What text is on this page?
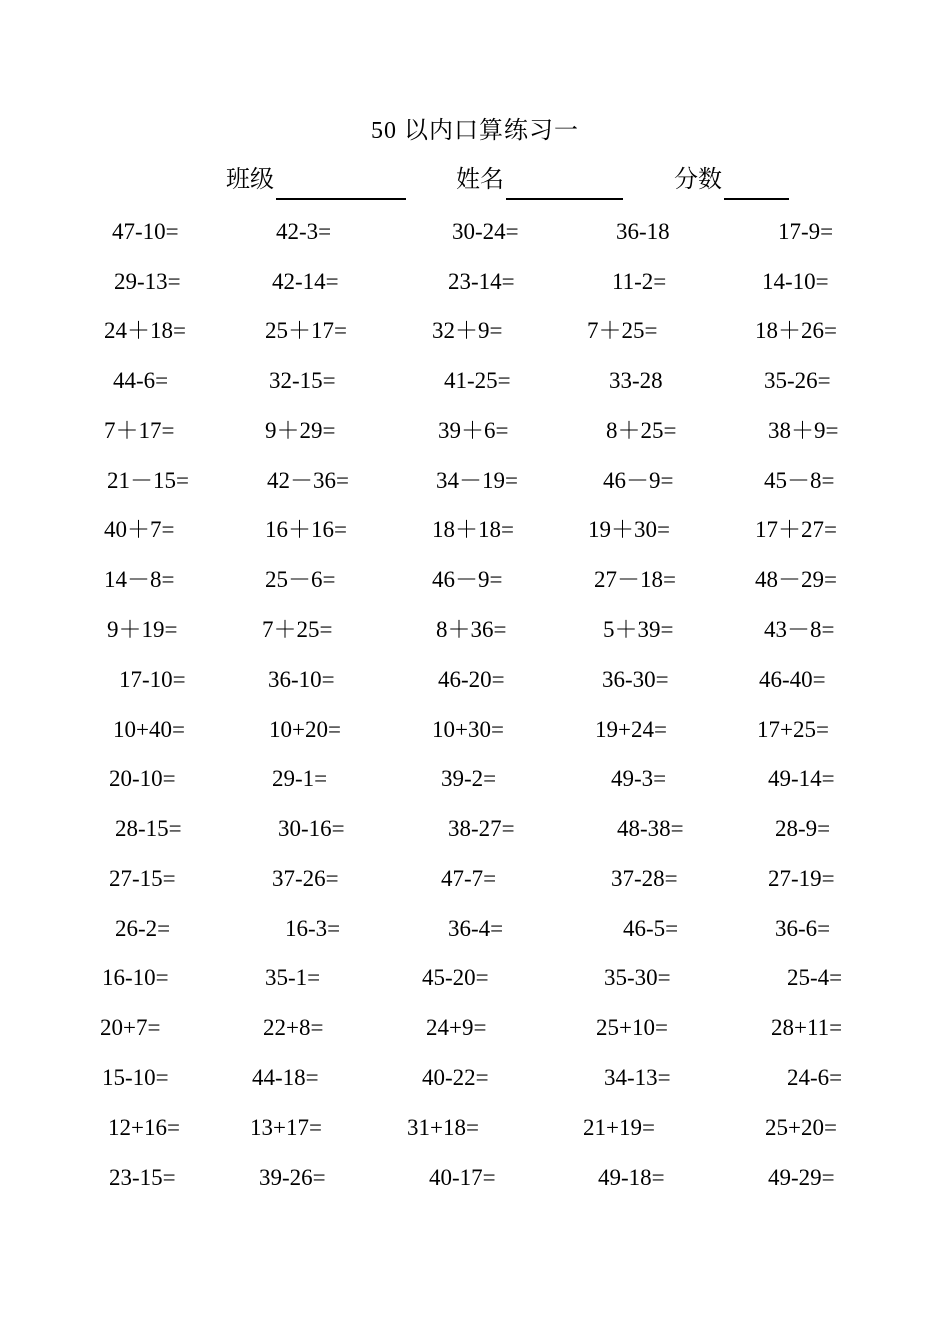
50 以内口算练习一
班级	姓名	分数
47-10=	42-3=	30-24=	36-18	17-9=
29-13=	42-14=	23-14=	11-2=	14-10=
24＋18=	25＋17=	32＋9=	7＋25=	18＋26=
44-6=	32-15=	41-25=	33-28	35-26=
7＋17=	9＋29=	39＋6=	8＋25=	38＋9=
21－15=	42－36=	34－19=	46－9=	45－8=
40＋7=	16＋16=	18＋18=	19＋30=	17＋27=
14－8=	25－6=	46－9=	27－18=	48－29=
9＋19=	7＋25=	8＋36=	5＋39=	43－8=
17-10=	36-10=	46-20=	36-30=	46-40=
10+40=	10+20=	10+30=	19+24=	17+25=
20-10=	29-1=	39-2=	49-3=	49-14=
28-15=	30-16=	38-27=	48-38=	28-9=
27-15=	37-26=	47-7=	37-28=	27-19=
26-2=	16-3=	36-4=	46-5=	36-6=
16-10=	35-1=	45-20=	35-30=	25-4=
20+7=	22+8=	24+9=	25+10=	28+11=
15-10=	44-18=	40-22=	34-13=	24-6=
12+16=	13+17=	31+18=	21+19=	25+20=
23-15=	39-26=	40-17=	49-18=	49-29=
